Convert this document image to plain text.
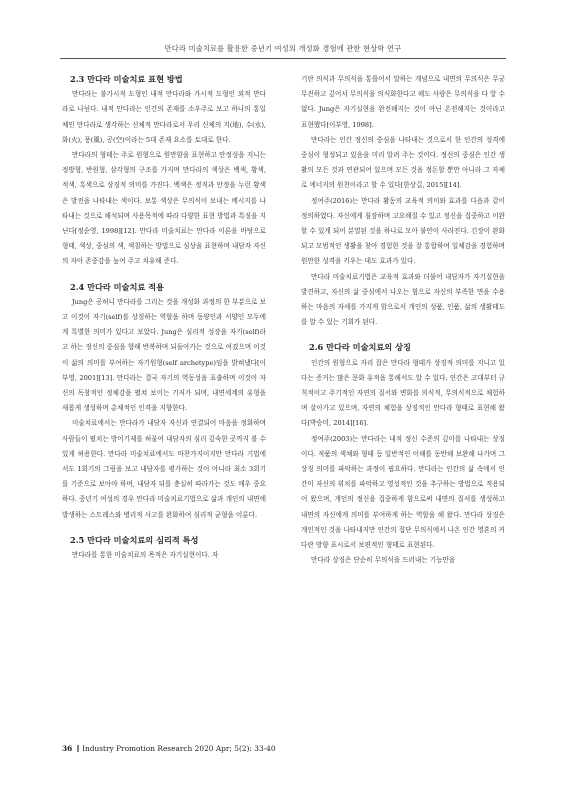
만다라 미술치료를 활용한 중년기 여성의 개성화 경험에 관한 현상학 연구
2.3 만다라 미술치료 표현 방법

만다라는 불가시적 도형인 내적 만다라와 가시적 도형인 외적 만다라로 나뉜다. 내적 만다라는 인간의 존재를 소우주로 보고 하나의 통일체인 만다라로 생각하는 신체적 만다라로서 우리 신체의 지(地), 수(水), 화(火), 풍(風), 공(空)이라는 5대 존재 요소를 토대로 한다.

만다라의 형태는 주로 원형으로 원만함을 표현하고 안정성을 지니는 정방형, 반원형, 삼각형의 구조를 가지며 만다라의 색상은 백색, 황색, 적색, 흑색으로 상징적 의미를 가진다. 백색은 정직과 안정을 누런 황색은 발전을 나타내는 색이다. 보통 색상은 무의식이 보내는 메시지를 나타내는 것으로 해석되며 사용목적에 따라 다양한 표현 방법과 특징을 지닌다[정순영, 1998][12]. 만다라 미술치료는 만다라 이론을 바탕으로 형태, 색상, 중심의 색, 색칠하는 방법으로 심상을 표현하며 내담자 자신의 자아 존중감을 높여 주고 치유해 준다.

2.4 만다라 미술치료 적용

Jung은 공허니 만다라를 그리는 것을 개성화 과정의 한 부분으로 보고 이것이 자기(self)를 상징하는 역할을 하며 동양인과 서양인 모두에게 특별한 의미가 있다고 보았다. Jung은 심리적 성장을 자기(self)라고 하는 정신의 중심을 향해 반복하며 되돌아가는 것으로 여겼으며 이것이 삶의 의미를 부여하는 자기원형(self archetype)임을 밝혀냈다[이부영, 2001][13]. 만다라는 결국 자기의 역동성을 표출하며 이것이 자신의 독창적인 정체감을 펼쳐 보이는 기저가 되며, 내면세계의 유형을 새롭게 생성하며 총체적인 인격을 지향한다.

미술치료에서는 만다라가 내담자 자신과 연결되어 마음을 정화하며 사람들이 펼치는 방어기제를 허물어 내담자의 심리 깊숙한 곳까지 볼 수 있게 허용한다. 만다라 미술치료에서도 마찬가지이지만 만다라 기법에서도 1회기의 그림을 보고 내담자를 평가하는 것이 아니라 최소 3회기를 기준으로 보아야 하며, 내담자 뒤를 충실히 따라가는 것도 매우 중요하다. 중년기 여성의 경우 만다라 미술치료기법으로 삶과 개인의 내면에 발생하는 스트레스와 병리적 사고를 완화하여 심리적 균형을 이룬다.

2.5 만다라 미술치료의 심리적 특성

만다라를 통한 미술치료의 목적은 자기실현이다. 자

기란 의식과 무의식을 통틀어서 말하는 개념으로 내면의 무의식은 무궁무진하고 깊어서 무의식을 의식화한다고 해도 사람은 무의식을 다 알 수 없다. Jung은 자기실현을 완전해지는 것이 아닌 온전해지는 것이라고 표현했다[이부영, 1998].

만다라는 인간 정신의 중심을 나타내는 것으로서 한 인간의 성격에 중심이 형성되고 있음을 미리 알려 주는 것이다. 정신의 중심은 인간 생활의 모든 것과 연관되어 있으며 모든 것을 정돈할 뿐만 아니라 그 자체로 에너지의 원천이라고 할 수 있다[한상길, 2015][14].

정여주(2016)는 만다라 활동의 교육적 의미와 효과를 다음과 같이 정의하였다. 자신에게 침잠하며 고요해질 수 있고 정신을 집중하고 이완할 수 있게 되어 분열된 것을 하나로 모아 불안이 사라진다. 긴장이 완화되고 모범적인 생활을 찾아 경험한 것을 잘 통합하여 일체감을 경험하며 원만한 성격을 키우는 데도 효과가 있다.

만다라 미술치료기법은 교육적 효과와 더불어 내담자가 자기실현을 발견하고, 자신의 삶 중심에서 나오는 힘으로 자신의 부족한 면을 수용하는 마음의 자세를 가지게 함으로서 개인의 성품, 인품, 삶의 생활태도를 알 수 있는 기회가 된다.

2.6 만다라 미술치료의 상징

인간의 원형으로 자리 잡은 만다라 형태가 상징적 의미를 지니고 있다는 증거는 많은 문화 유적을 통해서도 알 수 있다. 인간은 고대부터 규칙적이고 주기적인 자연의 질서와 변화를 의식적, 무의식적으로 체험하며 살아가고 있으며, 자연의 체험을 상징적인 만다라 형태로 표현해 왔다[박승미, 2014][16].

정여주(2003)는 만다라는 내적 정신 수준의 깊이를 나타내는 상징이다. 작품의 색채와 형태 등 일반적인 이해를 동반해 보완해 나가며 그 상징 의미를 파악하는 과정이 필요하다. 만다라는 인간의 삶 속에서 인간이 자신의 위치를 파악하고 영성적인 것을 추구하는 방법으로 적용되어 왔으며, 개인의 정신을 집중하게 함으로써 내면의 질서를 생성하고 내면의 자신에게 의미를 부여하게 하는 역할을 해 왔다. 만다라 상징은 개인적인 것을 나타내지만 인간의 집단 무의식에서 나온 인간 영혼의 커다란 방향 표시로서 보편적인 형태로 표현된다.

만다라 상징은 단순히 무의식을 드러내는 기능만을

36 ∥ Industry Promotion Research 2020 Apr; 5(2): 33-40
